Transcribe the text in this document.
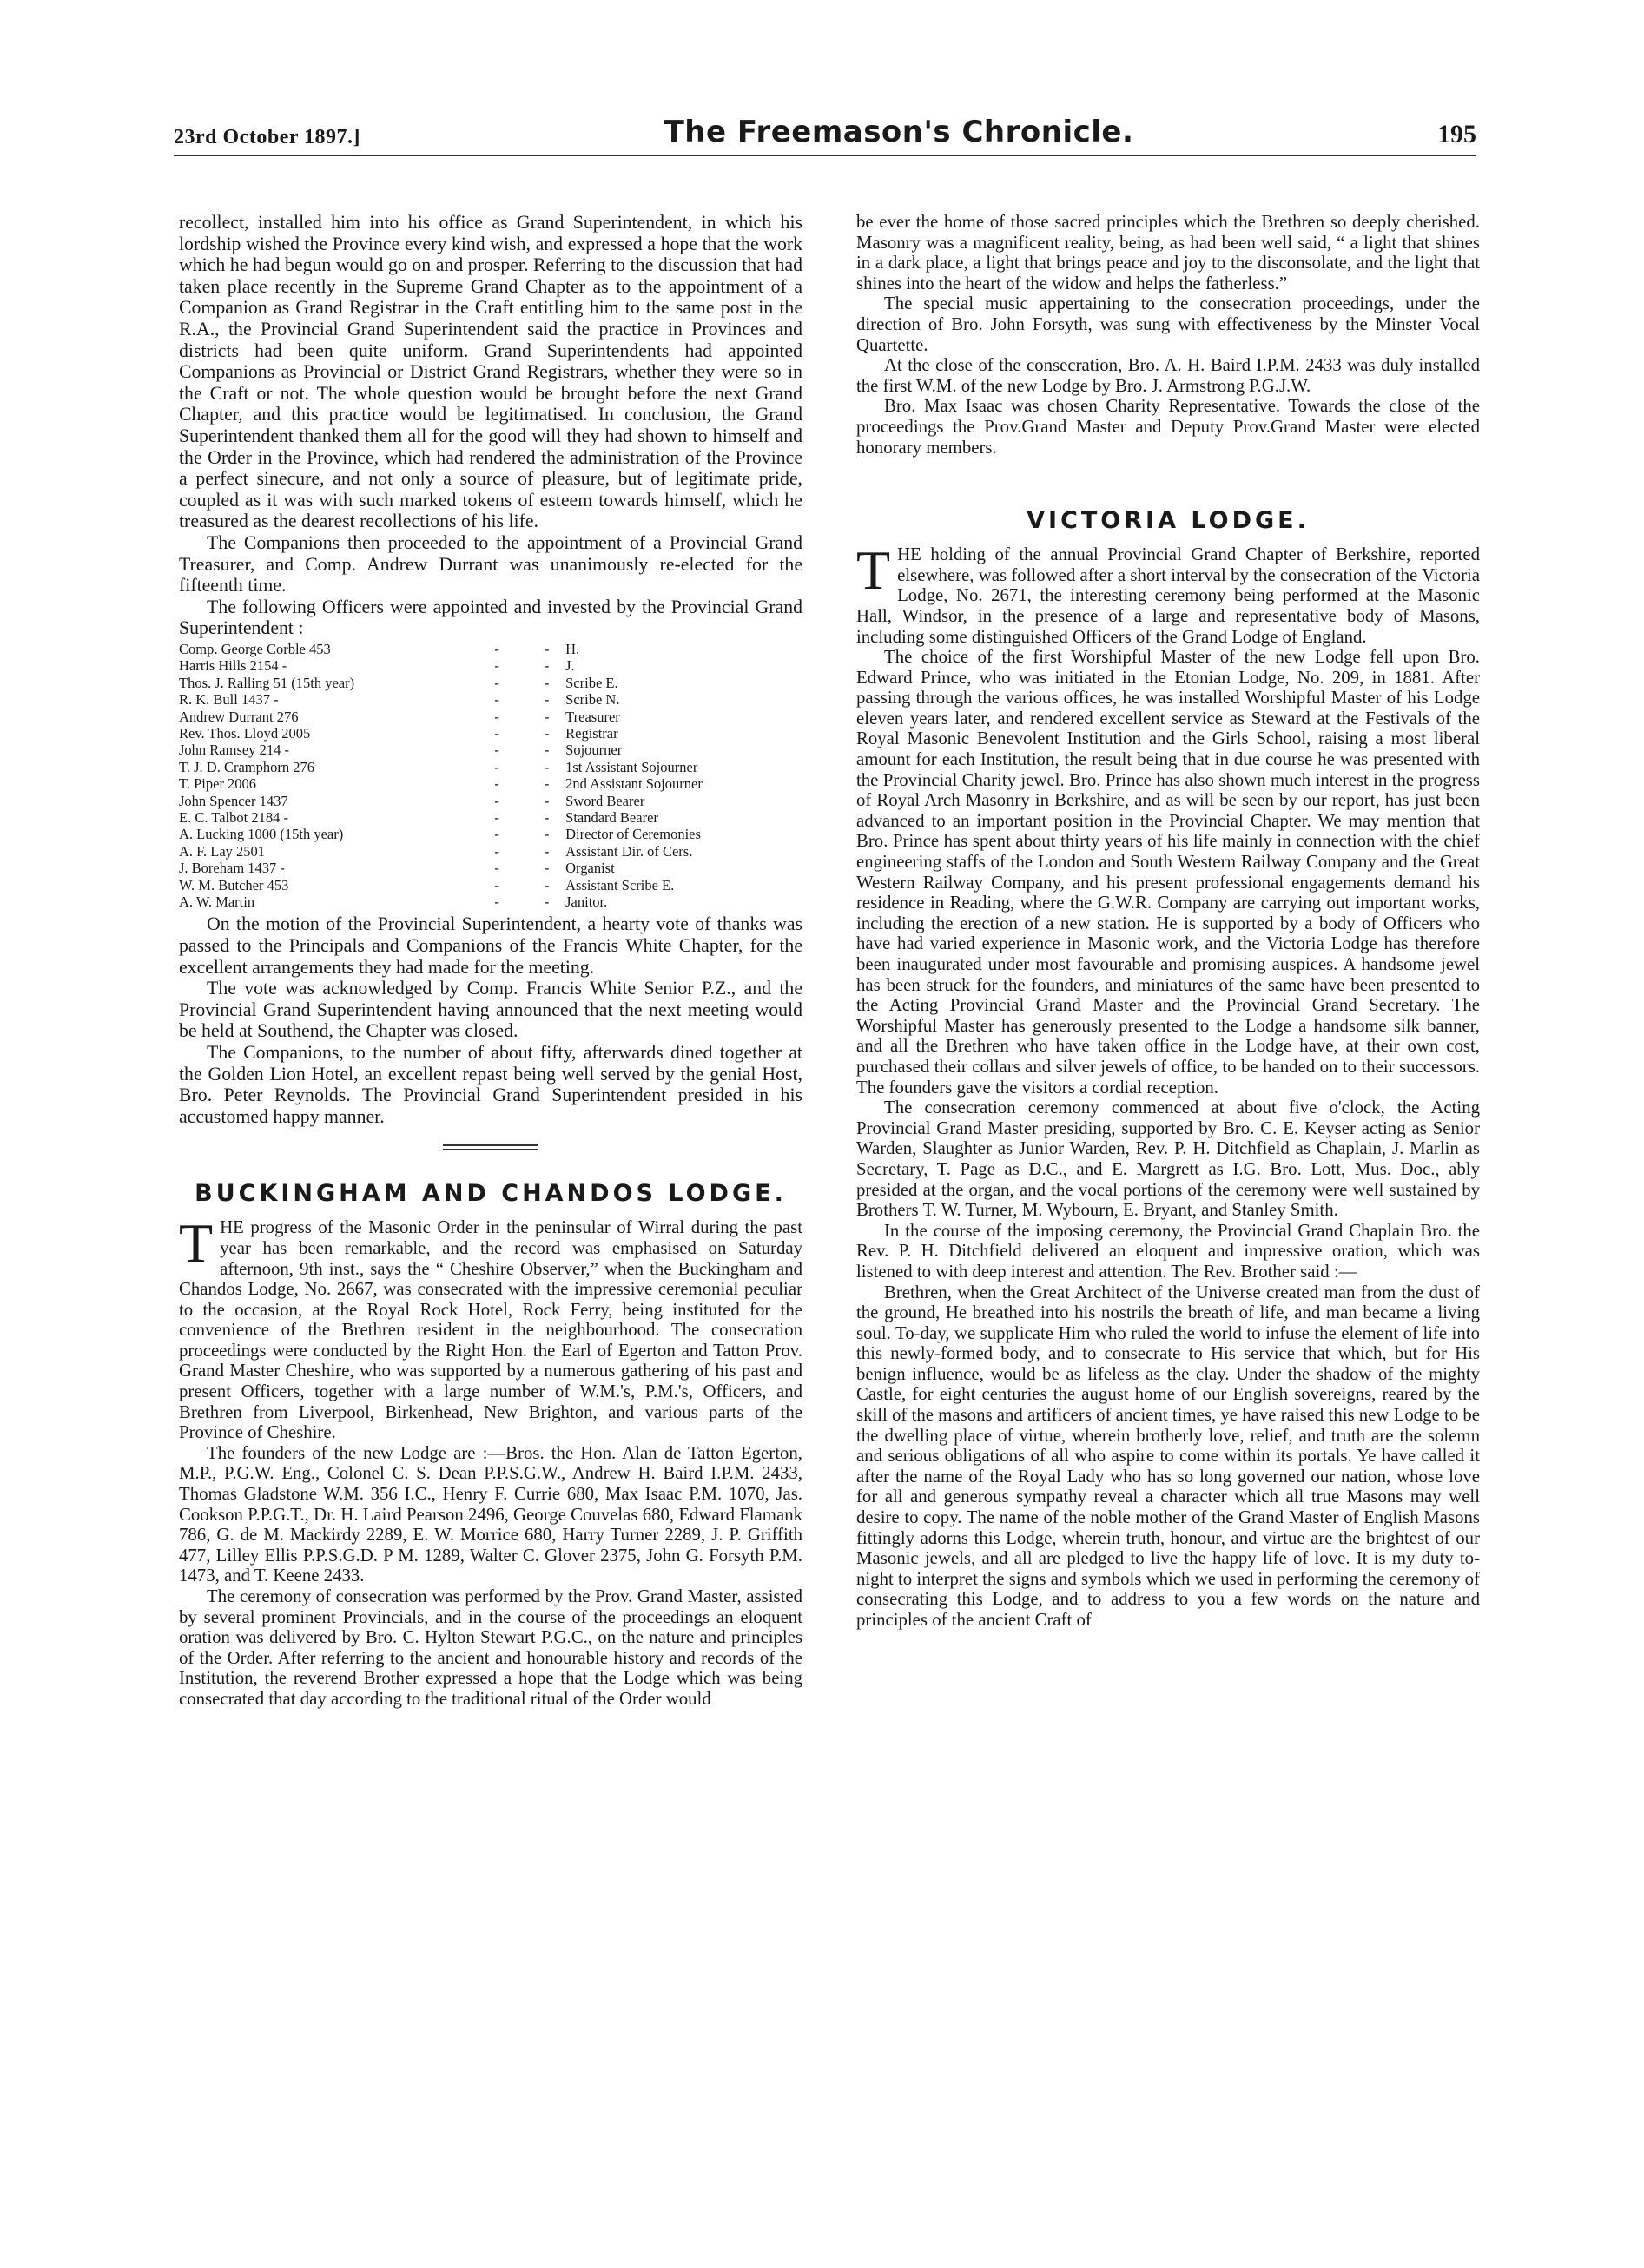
23rd October 1897.]	The Freemason's Chronicle.	195

recollect, installed him into his office as Grand Superintendent, in which his lordship wished the Province every kind wish, and expressed a hope that the work which he had begun would go on and prosper. Referring to the discussion that had taken place recently in the Supreme Grand Chapter as to the appointment of a Companion as Grand Registrar in the Craft entitling him to the same post in the R.A., the Provincial Grand Superintendent said the practice in Provinces and districts had been quite uniform. Grand Superintendents had appointed Companions as Provincial or District Grand Registrars, whether they were so in the Craft or not. The whole question would be brought before the next Grand Chapter, and this practice would be legitimatised. In conclusion, the Grand Superintendent thanked them all for the good will they had shown to himself and the Order in the Province, which had rendered the administration of the Province a perfect sinecure, and not only a source of pleasure, but of legitimate pride, coupled as it was with such marked tokens of esteem towards himself, which he treasured as the dearest recollections of his life.

The Companions then proceeded to the appointment of a Provincial Grand Treasurer, and Comp. Andrew Durrant was unanimously re-elected for the fifteenth time.

The following Officers were appointed and invested by the Provincial Grand Superintendent :

Comp. George Corble 453	-	-	H.
Harris Hills 2154 -	-	-	J.
Thos. J. Ralling 51 (15th year)	-	-	Scribe E.
R. K. Bull 1437 -	-	-	Scribe N.
Andrew Durrant 276	-	-	Treasurer
Rev. Thos. Lloyd 2005	-	-	Registrar
John Ramsey 214 -	-	-	Sojourner
T. J. D. Cramphorn 276	-	-	1st Assistant Sojourner
T. Piper 2006	-	-	2nd Assistant Sojourner
John Spencer 1437	-	-	Sword Bearer
E. C. Talbot 2184 -	-	-	Standard Bearer
A. Lucking 1000 (15th year)	-	-	Director of Ceremonies
A. F. Lay 2501	-	-	Assistant Dir. of Cers.
J. Boreham 1437 -	-	-	Organist
W. M. Butcher 453	-	-	Assistant Scribe E.
A. W. Martin	-	-	Janitor.

On the motion of the Provincial Superintendent, a hearty vote of thanks was passed to the Principals and Companions of the Francis White Chapter, for the excellent arrangements they had made for the meeting.

The vote was acknowledged by Comp. Francis White Senior P.Z., and the Provincial Grand Superintendent having announced that the next meeting would be held at Southend, the Chapter was closed.

The Companions, to the number of about fifty, afterwards dined together at the Golden Lion Hotel, an excellent repast being well served by the genial Host, Bro. Peter Reynolds. The Provincial Grand Superintendent presided in his accustomed happy manner.

BUCKINGHAM AND CHANDOS LODGE.

THE progress of the Masonic Order in the peninsular of Wirral during the past year has been remarkable, and the record was emphasised on Saturday afternoon, 9th inst., says the “ Cheshire Observer,” when the Buckingham and Chandos Lodge, No. 2667, was consecrated with the impressive ceremonial peculiar to the occasion, at the Royal Rock Hotel, Rock Ferry, being instituted for the convenience of the Brethren resident in the neighbourhood. The consecration proceedings were conducted by the Right Hon. the Earl of Egerton and Tatton Prov. Grand Master Cheshire, who was supported by a numerous gathering of his past and present Officers, together with a large number of W.M.'s, P.M.'s, Officers, and Brethren from Liverpool, Birkenhead, New Brighton, and various parts of the Province of Cheshire.

The founders of the new Lodge are :—Bros. the Hon. Alan de Tatton Egerton, M.P., P.G.W. Eng., Colonel C. S. Dean P.P.S.G.W., Andrew H. Baird I.P.M. 2433, Thomas Gladstone W.M. 356 I.C., Henry F. Currie 680, Max Isaac P.M. 1070, Jas. Cookson P.P.G.T., Dr. H. Laird Pearson 2496, George Couvelas 680, Edward Flamank 786, G. de M. Mackirdy 2289, E. W. Morrice 680, Harry Turner 2289, J. P. Griffith 477, Lilley Ellis P.P.S.G.D. P M. 1289, Walter C. Glover 2375, John G. Forsyth P.M. 1473, and T. Keene 2433.

The ceremony of consecration was performed by the Prov. Grand Master, assisted by several prominent Provincials, and in the course of the proceedings an eloquent oration was delivered by Bro. C. Hylton Stewart P.G.C., on the nature and principles of the Order. After referring to the ancient and honourable history and records of the Institution, the reverend Brother expressed a hope that the Lodge which was being consecrated that day according to the traditional ritual of the Order would

be ever the home of those sacred principles which the Brethren so deeply cherished. Masonry was a magnificent reality, being, as had been well said, “ a light that shines in a dark place, a light that brings peace and joy to the disconsolate, and the light that shines into the heart of the widow and helps the fatherless.”

The special music appertaining to the consecration proceedings, under the direction of Bro. John Forsyth, was sung with effectiveness by the Minster Vocal Quartette.

At the close of the consecration, Bro. A. H. Baird I.P.M. 2433 was duly installed the first W.M. of the new Lodge by Bro. J. Armstrong P.G.J.W.

Bro. Max Isaac was chosen Charity Representative. Towards the close of the proceedings the Prov.Grand Master and Deputy Prov.Grand Master were elected honorary members.

VICTORIA LODGE.

THE holding of the annual Provincial Grand Chapter of Berkshire, reported elsewhere, was followed after a short interval by the consecration of the Victoria Lodge, No. 2671, the interesting ceremony being performed at the Masonic Hall, Windsor, in the presence of a large and representative body of Masons, including some distinguished Officers of the Grand Lodge of England.

The choice of the first Worshipful Master of the new Lodge fell upon Bro. Edward Prince, who was initiated in the Etonian Lodge, No. 209, in 1881. After passing through the various offices, he was installed Worshipful Master of his Lodge eleven years later, and rendered excellent service as Steward at the Festivals of the Royal Masonic Benevolent Institution and the Girls School, raising a most liberal amount for each Institution, the result being that in due course he was presented with the Provincial Charity jewel. Bro. Prince has also shown much interest in the progress of Royal Arch Masonry in Berkshire, and as will be seen by our report, has just been advanced to an important position in the Provincial Chapter. We may mention that Bro. Prince has spent about thirty years of his life mainly in connection with the chief engineering staffs of the London and South Western Railway Company and the Great Western Railway Company, and his present professional engagements demand his residence in Reading, where the G.W.R. Company are carrying out important works, including the erection of a new station. He is supported by a body of Officers who have had varied experience in Masonic work, and the Victoria Lodge has therefore been inaugurated under most favourable and promising auspices. A handsome jewel has been struck for the founders, and miniatures of the same have been presented to the Acting Provincial Grand Master and the Provincial Grand Secretary. The Worshipful Master has generously presented to the Lodge a handsome silk banner, and all the Brethren who have taken office in the Lodge have, at their own cost, purchased their collars and silver jewels of office, to be handed on to their successors. The founders gave the visitors a cordial reception.

The consecration ceremony commenced at about five o'clock, the Acting Provincial Grand Master presiding, supported by Bro. C. E. Keyser acting as Senior Warden, Slaughter as Junior Warden, Rev. P. H. Ditchfield as Chaplain, J. Marlin as Secretary, T. Page as D.C., and E. Margrett as I.G. Bro. Lott, Mus. Doc., ably presided at the organ, and the vocal portions of the ceremony were well sustained by Brothers T. W. Turner, M. Wybourn, E. Bryant, and Stanley Smith.

In the course of the imposing ceremony, the Provincial Grand Chaplain Bro. the Rev. P. H. Ditchfield delivered an eloquent and impressive oration, which was listened to with deep interest and attention. The Rev. Brother said :—

Brethren, when the Great Architect of the Universe created man from the dust of the ground, He breathed into his nostrils the breath of life, and man became a living soul. To-day, we supplicate Him who ruled the world to infuse the element of life into this newly-formed body, and to consecrate to His service that which, but for His benign influence, would be as lifeless as the clay. Under the shadow of the mighty Castle, for eight centuries the august home of our English sovereigns, reared by the skill of the masons and artificers of ancient times, ye have raised this new Lodge to be the dwelling place of virtue, wherein brotherly love, relief, and truth are the solemn and serious obligations of all who aspire to come within its portals. Ye have called it after the name of the Royal Lady who has so long governed our nation, whose love for all and generous sympathy reveal a character which all true Masons may well desire to copy. The name of the noble mother of the Grand Master of English Masons fittingly adorns this Lodge, wherein truth, honour, and virtue are the brightest of our Masonic jewels, and all are pledged to live the happy life of love. It is my duty to-night to interpret the signs and symbols which we used in performing the ceremony of consecrating this Lodge, and to address to you a few words on the nature and principles of the ancient Craft of
